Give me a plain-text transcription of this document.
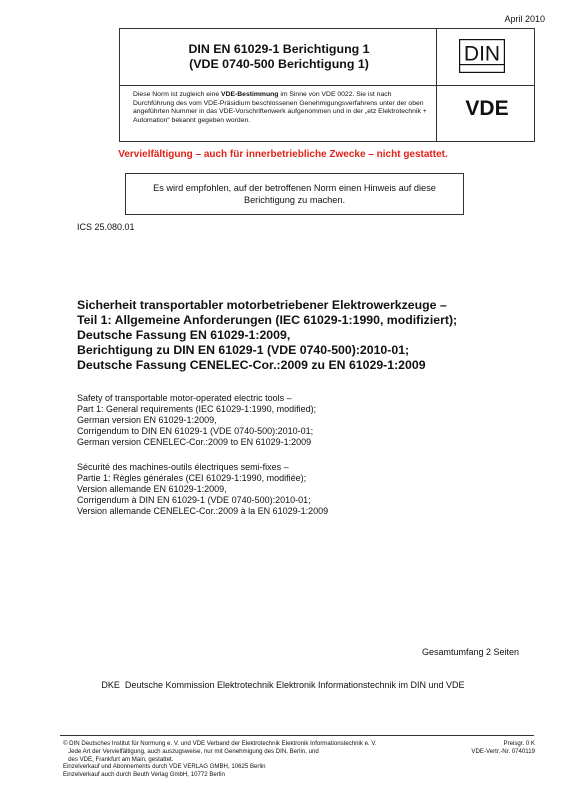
April 2010
DIN EN 61029-1 Berichtigung 1
(VDE 0740-500 Berichtigung 1)	DIN
Diese Norm ist zugleich eine VDE-Bestimmung im Sinne von VDE 0022. Sie ist nach Durchführung des vom VDE-Präsidium beschlossenen Genehmigungsverfahrens unter der oben angeführten Nummer in das VDE-Vorschriftenwerk aufgenommen und in der „etz Elektrotechnik + Automation“ bekannt gegeben worden.
VDE
Vervielfältigung – auch für innerbetriebliche Zwecke – nicht gestattet.
Es wird empfohlen, auf der betroffenen Norm einen Hinweis auf diese Berichtigung zu machen.
ICS 25.080.01
Sicherheit transportabler motorbetriebener Elektrowerkzeuge –
Teil 1: Allgemeine Anforderungen (IEC 61029-1:1990, modifiziert);
Deutsche Fassung EN 61029-1:2009,
Berichtigung zu DIN EN 61029-1 (VDE 0740-500):2010-01;
Deutsche Fassung CENELEC-Cor.:2009 zu EN 61029-1:2009
Safety of transportable motor-operated electric tools –
Part 1: General requirements (IEC 61029-1:1990, modified);
German version EN 61029-1:2009,
Corrigendum to DIN EN 61029-1 (VDE 0740-500):2010-01;
German version CENELEC-Cor.:2009 to EN 61029-1:2009
Sécurité des machines-outils électriques semi-fixes –
Partie 1: Règles générales (CEI 61029-1:1990, modifiée);
Version allemande EN 61029-1:2009,
Corrigendum à DIN EN 61029-1 (VDE 0740-500):2010-01;
Version allemande CENELEC-Cor.:2009 à la EN 61029-1:2009
Gesamtumfang 2 Seiten
DKE  Deutsche Kommission Elektrotechnik Elektronik Informationstechnik im DIN und VDE
© DIN Deutsches Institut für Normung e. V. und VDE Verband der Elektrotechnik Elektronik Informationstechnik e. V.
Jede Art der Vervielfältigung, auch auszugsweise, nur mit Genehmigung des DIN, Berlin, und
des VDE, Frankfurt am Main, gestattet.
Einzelverkauf und Abonnements durch VDE VERLAG GMBH, 10625 Berlin
Einzelverkauf auch durch Beuth Verlag GmbH, 10772 Berlin
Preisgr. 0 K
VDE-Vertr.-Nr. 0740119
